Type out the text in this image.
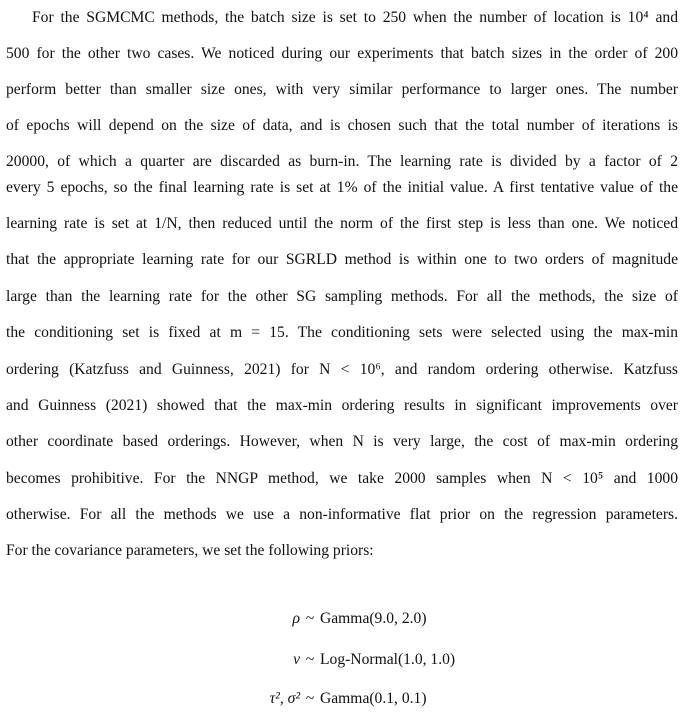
For the SGMCMC methods, the batch size is set to 250 when the number of location is 10⁴ and
500 for the other two cases. We noticed during our experiments that batch sizes in the order of 200
perform better than smaller size ones, with very similar performance to larger ones. The number
of epochs will depend on the size of data, and is chosen such that the total number of iterations is
20000, of which a quarter are discarded as burn-in. The learning rate is divided by a factor of 2
every 5 epochs, so the final learning rate is set at 1% of the initial value. A first tentative value of the
learning rate is set at 1/N, then reduced until the norm of the first step is less than one. We noticed
that the appropriate learning rate for our SGRLD method is within one to two orders of magnitude
large than the learning rate for the other SG sampling methods. For all the methods, the size of
the conditioning set is fixed at m = 15. The conditioning sets were selected using the max-min
ordering (Katzfuss and Guinness, 2021) for N < 10⁶, and random ordering otherwise. Katzfuss
and Guinness (2021) showed that the max-min ordering results in significant improvements over
other coordinate based orderings. However, when N is very large, the cost of max-min ordering
becomes prohibitive. For the NNGP method, we take 2000 samples when N < 10⁵ and 1000
otherwise. For all the methods we use a non-informative flat prior on the regression parameters.
For the covariance parameters, we set the following priors:
ρ ~ Gamma(9.0, 2.0)
ν ~ Log-Normal(1.0, 1.0)
τ², σ² ~ Gamma(0.1, 0.1)
